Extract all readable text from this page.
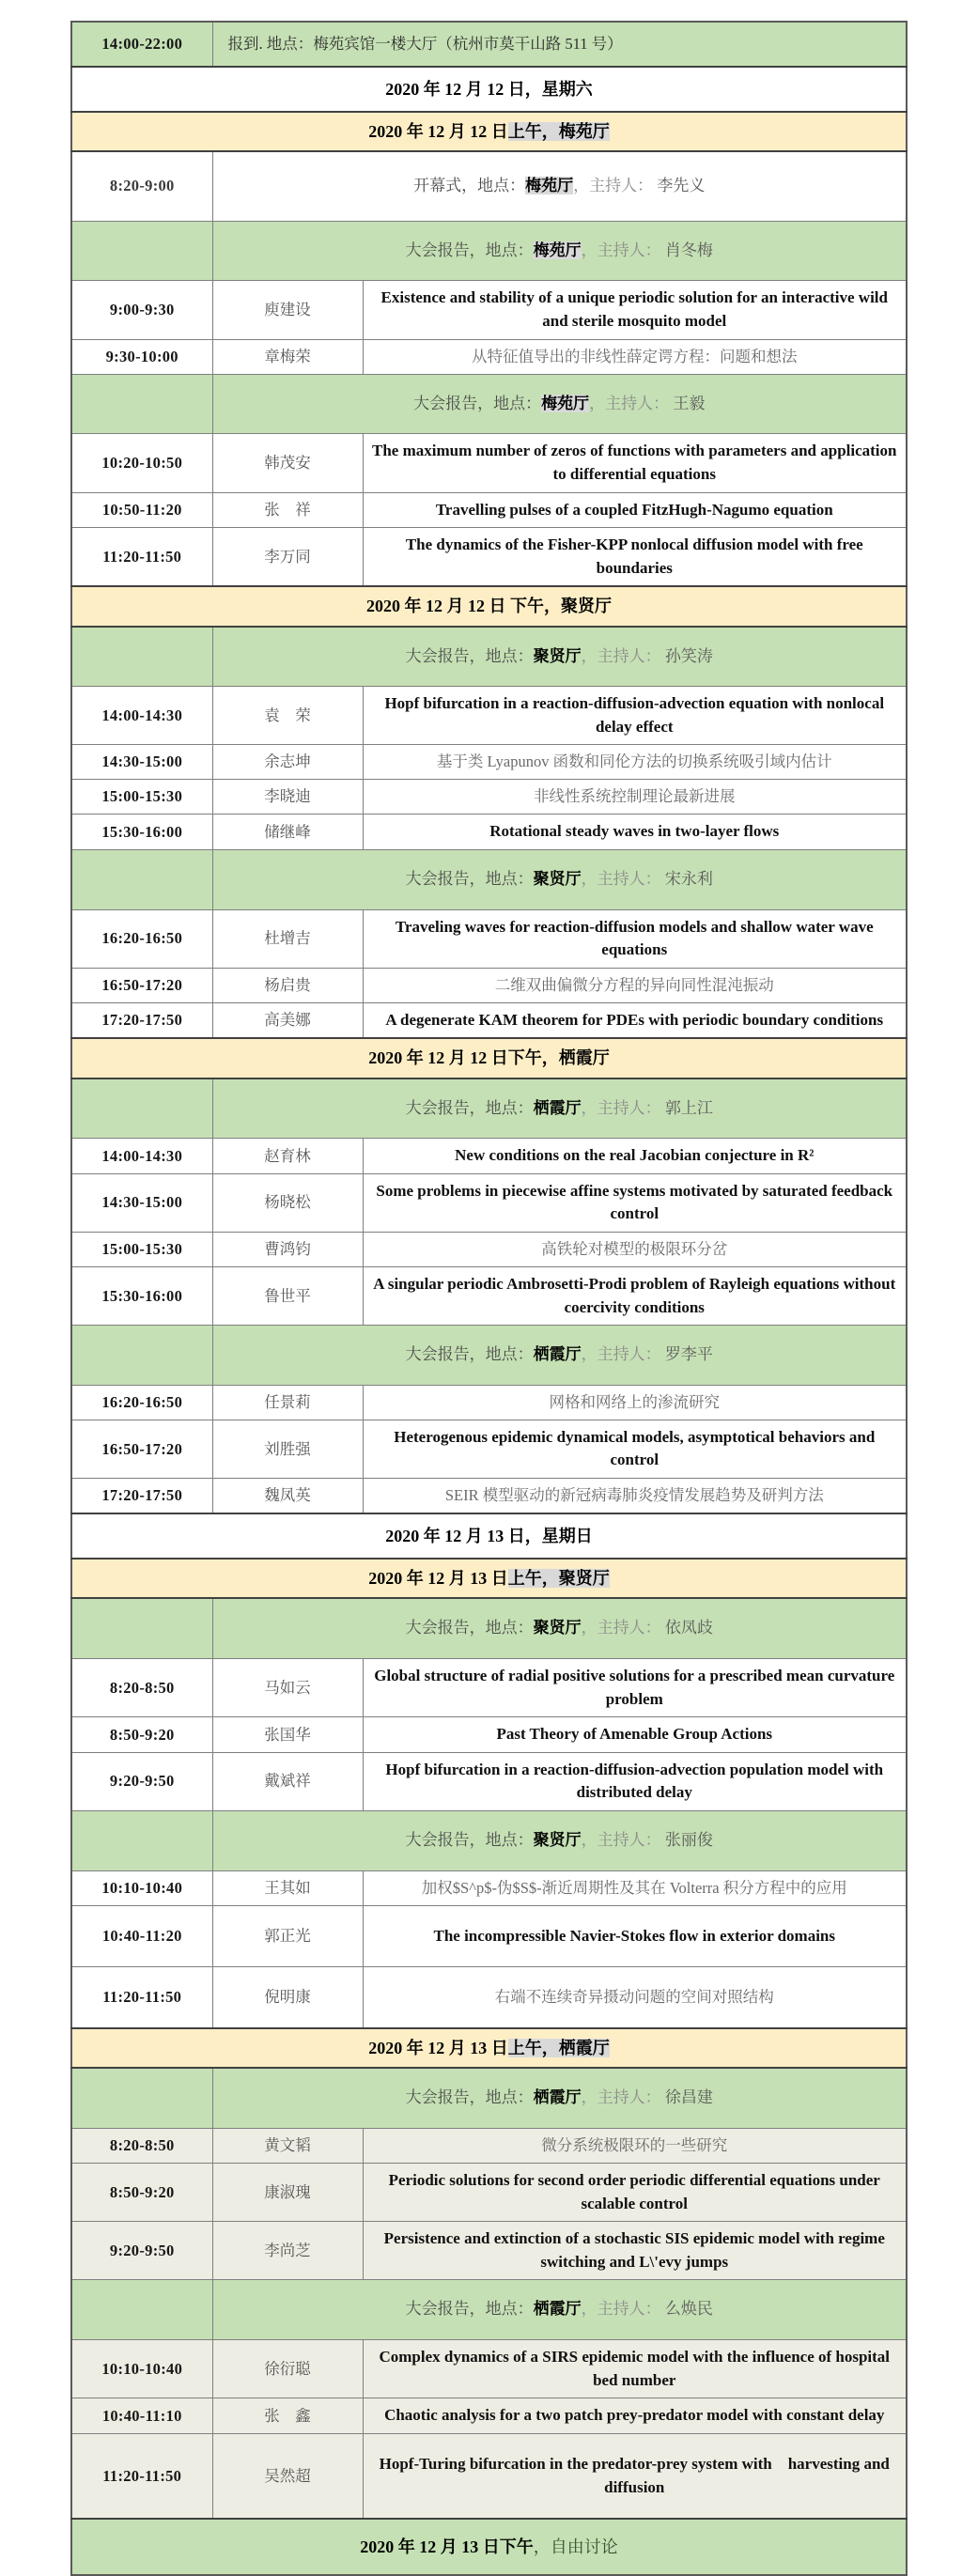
14:00-22:00	报到. 地点：梅苑宾馆一楼大厅（杭州市莫干山路 511 号）	
2020 年 12 月 12 日，星期六		
2020 年 12 月 12 日上午，梅苑厅		
8:20-9:00	开幕式，地点：梅苑厅，主持人： 李先义	
	大会报告，地点：梅苑厅，主持人： 肖冬梅	
9:00-9:30	庾建设	Existence and stability of a unique periodic solution for an interactive wild and sterile mosquito model
9:30-10:00	章梅荣	从特征值导出的非线性薛定谔方程：问题和想法
	大会报告，地点：梅苑厅，主持人： 王毅	
10:20-10:50	韩茂安	The maximum number of zeros of functions with parameters and application to differential equations
10:50-11:20	张　祥	Travelling pulses of a coupled FitzHugh-Nagumo equation
11:20-11:50	李万同	The dynamics of the Fisher-KPP nonlocal diffusion model with free boundaries
2020 年 12 月 12 日 下午，聚贤厅		
	大会报告，地点：聚贤厅，主持人： 孙笑涛	
14:00-14:30	袁　荣	Hopf bifurcation in a reaction-diffusion-advection equation with nonlocal delay effect
14:30-15:00	余志坤	基于类 Lyapunov 函数和同伦方法的切换系统吸引域内估计
15:00-15:30	李晓迪	非线性系统控制理论最新进展
15:30-16:00	储继峰	Rotational steady waves in two-layer flows
	大会报告，地点：聚贤厅，主持人： 宋永利	
16:20-16:50	杜增吉	Traveling waves for reaction-diffusion models and shallow water wave equations
16:50-17:20	杨启贵	二维双曲偏微分方程的异向同性混沌振动
17:20-17:50	高美娜	A degenerate KAM theorem for PDEs with periodic boundary conditions
2020 年 12 月 12 日下午，栖霞厅		
	大会报告，地点：栖霞厅，主持人： 郭上江	
14:00-14:30	赵育林	New conditions on the real Jacobian conjecture in R²
14:30-15:00	杨晓松	Some problems in piecewise affine systems motivated by saturated feedback control
15:00-15:30	曹鸿钧	高铁轮对模型的极限环分岔
15:30-16:00	鲁世平	A singular periodic Ambrosetti-Prodi problem of Rayleigh equations without coercivity conditions
	大会报告，地点：栖霞厅，主持人： 罗李平	
16:20-16:50	任景莉	网格和网络上的渗流研究
16:50-17:20	刘胜强	Heterogenous epidemic dynamical models, asymptotical behaviors and control
17:20-17:50	魏凤英	SEIR 模型驱动的新冠病毒肺炎疫情发展趋势及研判方法
2020 年 12 月 13 日，星期日		
2020 年 12 月 13 日上午，聚贤厅		
	大会报告，地点：聚贤厅，主持人： 依凤歧	
8:20-8:50	马如云	Global structure of radial positive solutions for a prescribed mean curvature problem
8:50-9:20	张国华	Past Theory of Amenable Group Actions
9:20-9:50	戴斌祥	Hopf bifurcation in a reaction-diffusion-advection population model with distributed delay
	大会报告，地点：聚贤厅，主持人： 张丽俊	
10:10-10:40	王其如	加权$S^p$-伪$S$-渐近周期性及其在 Volterra 积分方程中的应用
10:40-11:20	郭正光	The incompressible Navier-Stokes flow in exterior domains
11:20-11:50	倪明康	右端不连续奇异摄动问题的空间对照结构
2020 年 12 月 13 日上午，栖霞厅		
	大会报告，地点：栖霞厅，主持人： 徐昌建	
8:20-8:50	黄文韬	微分系统极限环的一些研究
8:50-9:20	康淑瑰	Periodic solutions for second order periodic differential equations under scalable control
9:20-9:50	李尚芝	Persistence and extinction of a stochastic SIS epidemic model with regime switching and L\'evy jumps
	大会报告，地点：栖霞厅，主持人： 么焕民	
10:10-10:40	徐衍聪	Complex dynamics of a SIRS epidemic model with the influence of hospital bed number
10:40-11:10	张　鑫	Chaotic analysis for a two patch prey-predator model with constant delay
11:20-11:50	吴然超	Hopf-Turing bifurcation in the predator-prey system with　harvesting and diffusion
2020 年 12 月 13 日下午，自由讨论		
